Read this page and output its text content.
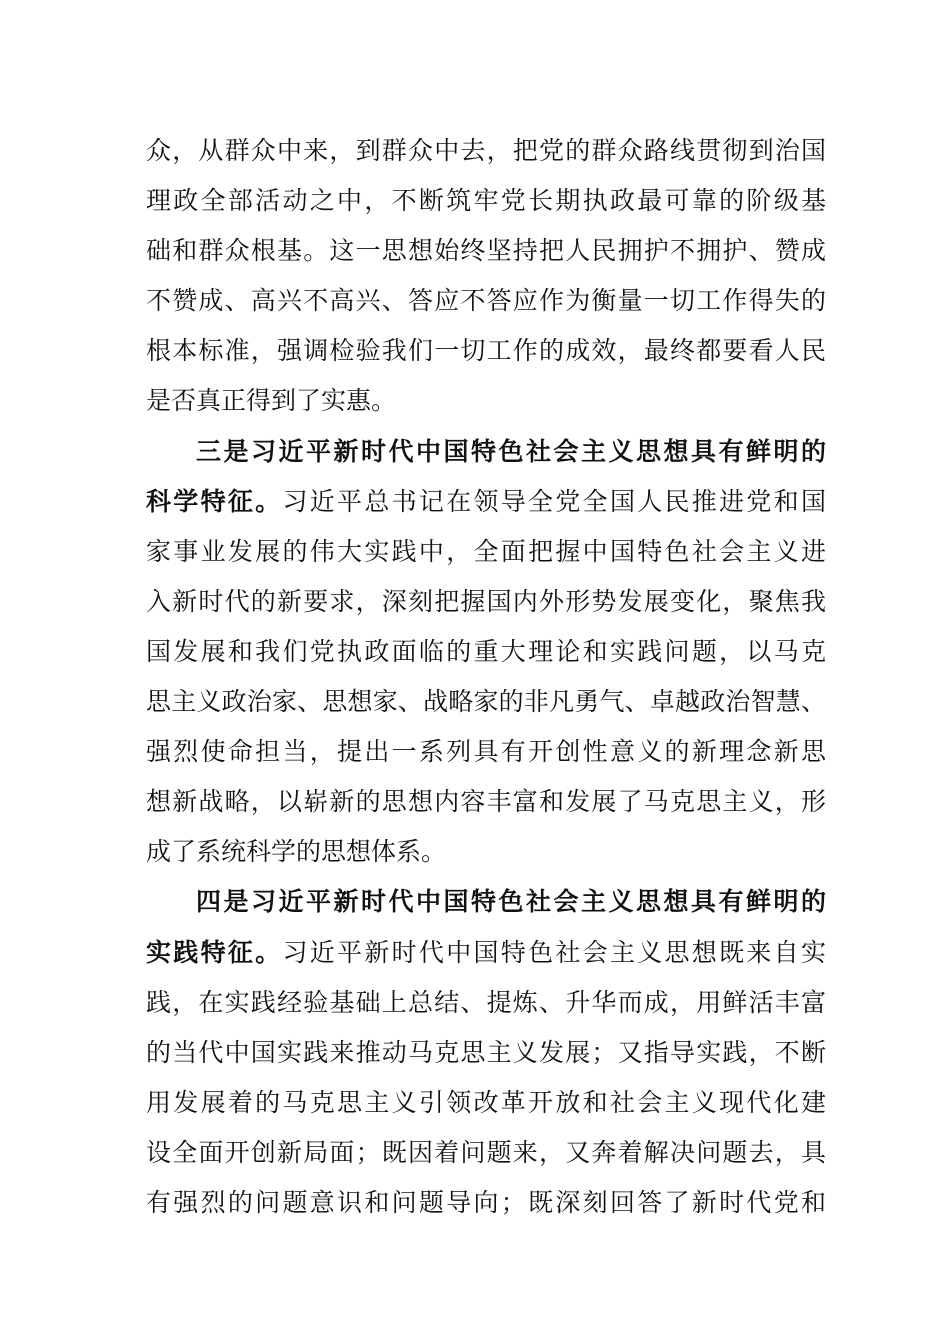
众，从群众中来，到群众中去，把党的群众路线贯彻到治国
理政全部活动之中，不断筑牢党长期执政最可靠的阶级基
础和群众根基。这一思想始终坚持把人民拥护不拥护、赞成
不赞成、高兴不高兴、答应不答应作为衡量一切工作得失的
根本标准，强调检验我们一切工作的成效，最终都要看人民
是否真正得到了实惠。
三是习近平新时代中国特色社会主义思想具有鲜明的
科学特征。习近平总书记在领导全党全国人民推进党和国
家事业发展的伟大实践中，全面把握中国特色社会主义进
入新时代的新要求，深刻把握国内外形势发展变化，聚焦我
国发展和我们党执政面临的重大理论和实践问题，以马克
思主义政治家、思想家、战略家的非凡勇气、卓越政治智慧、
强烈使命担当，提出一系列具有开创性意义的新理念新思
想新战略，以崭新的思想内容丰富和发展了马克思主义，形
成了系统科学的思想体系。
四是习近平新时代中国特色社会主义思想具有鲜明的
实践特征。习近平新时代中国特色社会主义思想既来自实
践，在实践经验基础上总结、提炼、升华而成，用鲜活丰富
的当代中国实践来推动马克思主义发展；又指导实践，不断
用发展着的马克思主义引领改革开放和社会主义现代化建
设全面开创新局面；既因着问题来，又奔着解决问题去，具
有强烈的问题意识和问题导向；既深刻回答了新时代党和
